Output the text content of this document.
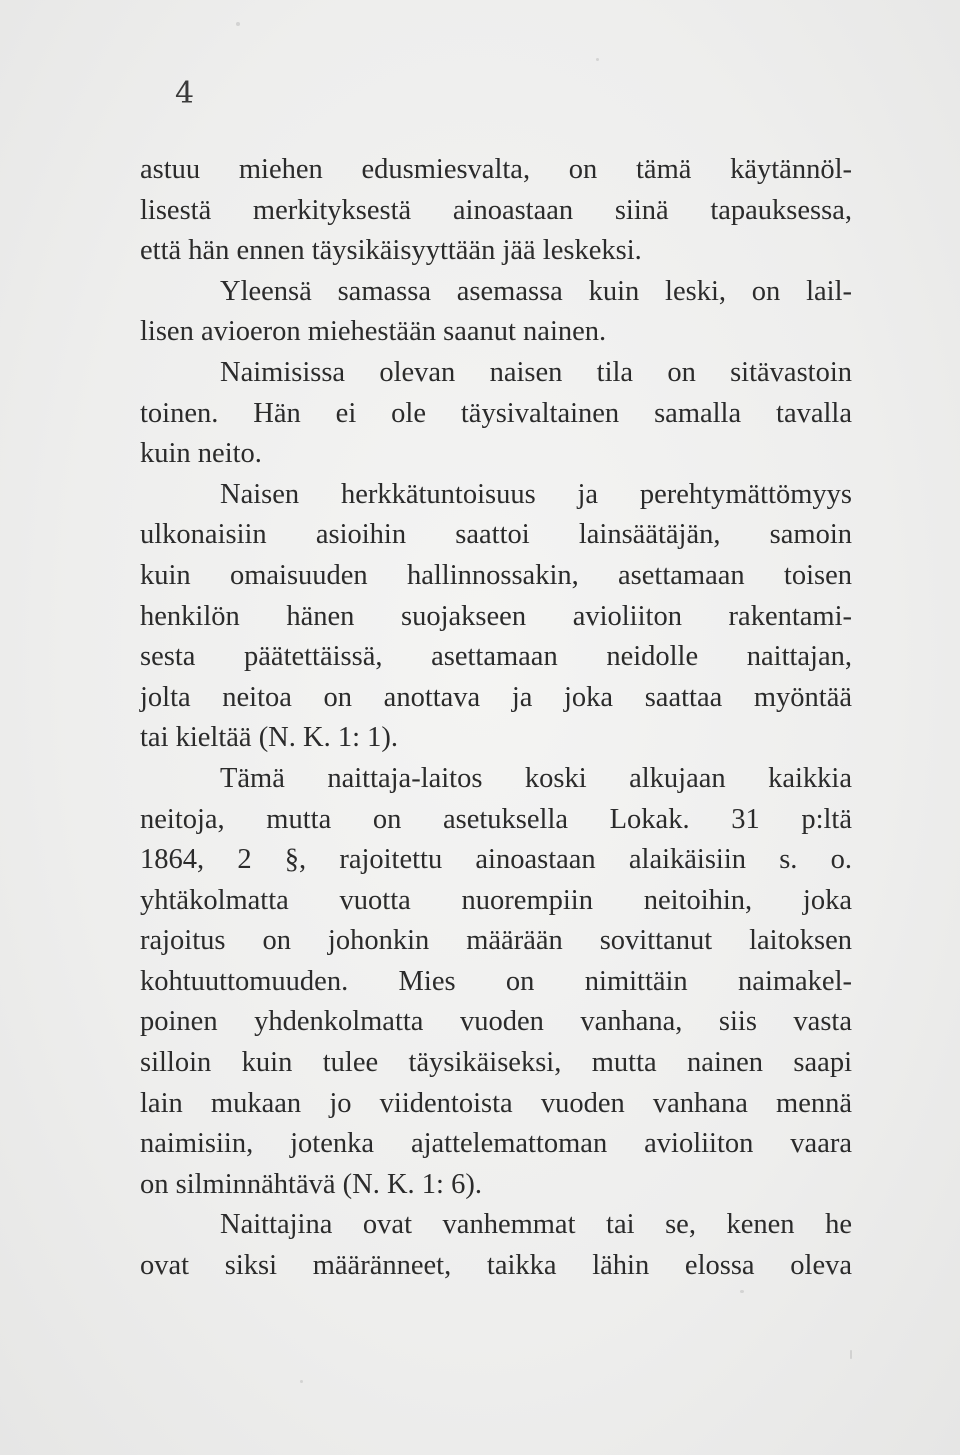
4
astuu miehen edusmiesvalta, on tämä käytännöl-
lisestä merkityksestä ainoastaan siinä tapauksessa,
että hän ennen täysikäisyyttään jää leskeksi.
Yleensä samassa asemassa kuin leski, on lail-
lisen avioeron miehestään saanut nainen.
Naimisissa olevan naisen tila on sitävastoin
toinen. Hän ei ole täysivaltainen samalla tavalla
kuin neito.
Naisen herkkätuntoisuus ja perehtymättömyys
ulkonaisiin asioihin saattoi lainsäätäjän, samoin
kuin omaisuuden hallinnossakin, asettamaan toisen
henkilön hänen suojakseen avioliiton rakentami-
sesta päätettäissä, asettamaan neidolle naittajan,
jolta neitoa on anottava ja joka saattaa myöntää
tai kieltää (N. K. 1: 1).
Tämä naittaja-laitos koski alkujaan kaikkia
neitoja, mutta on asetuksella Lokak. 31 p:ltä
1864, 2 §, rajoitettu ainoastaan alaikäisiin s. o.
yhtäkolmatta vuotta nuorempiin neitoihin, joka
rajoitus on johonkin määrään sovittanut laitoksen
kohtuuttomuuden. Mies on nimittäin naimakel-
poinen yhdenkolmatta vuoden vanhana, siis vasta
silloin kuin tulee täysikäiseksi, mutta nainen saapi
lain mukaan jo viidentoista vuoden vanhana mennä
naimisiin, jotenka ajattelemattoman avioliiton vaara
on silminnähtävä (N. K. 1: 6).
Naittajina ovat vanhemmat tai se, kenen he
ovat siksi määränneet, taikka lähin elossa oleva
